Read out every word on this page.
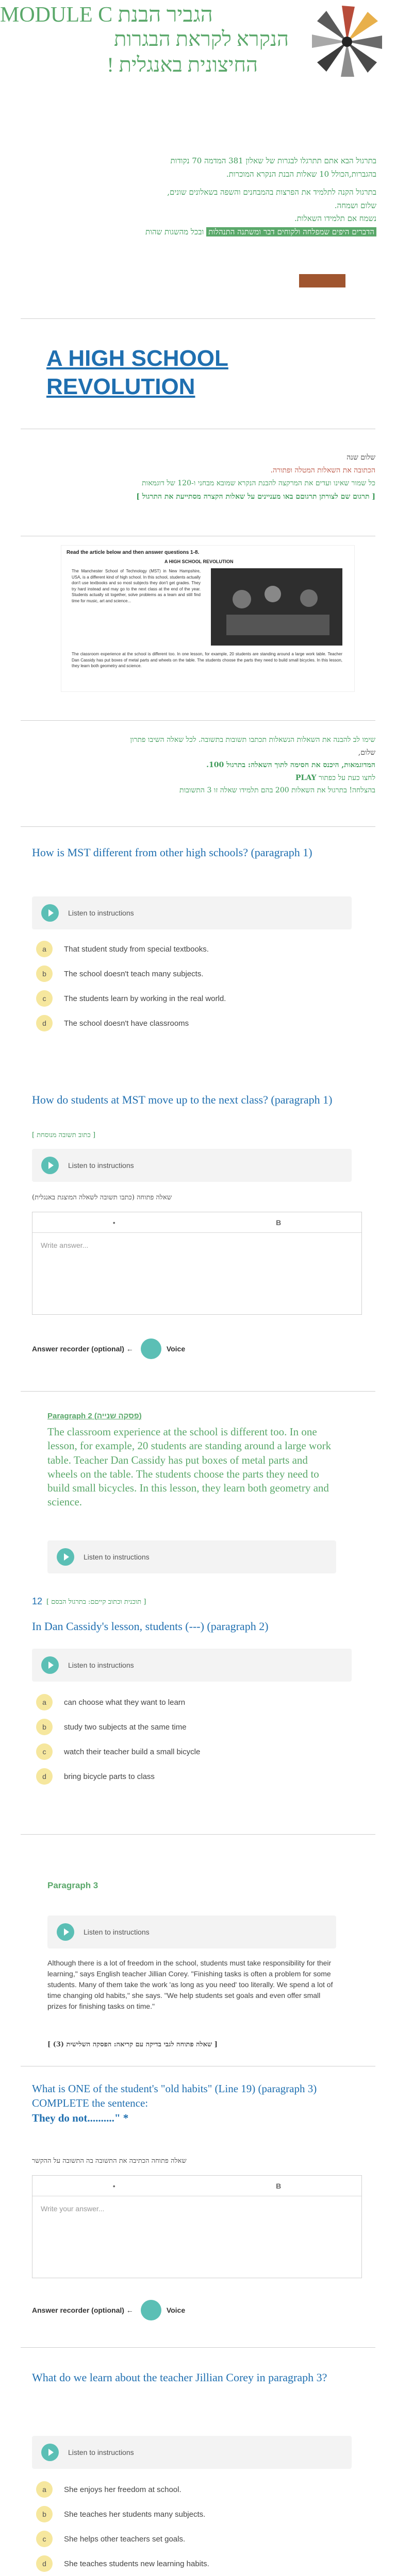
MODULE C הגביר הבנת
הנקרא לקראת הבגרות
החיצונית באנגלית !
בתרגול הבא אתם תתרגלו לבגרות של שאלון 381 המדמה 70 נקודות
בהגברות,הכולל 10 שאלות הבנת הנקרא המוכרות.
בתרגול הקנה לתלמיד את הפרצות בהמבחנים והשפה בשאלונים שונים,
שלום ושמחה.
נשמח אם תלמידו השאלות.
הדברים היפים שמפלחה ולקוחים דבר ומשתנה התנהלות ובכל מהשגות שהות
A HIGH SCHOOL
REVOLUTION
שלום שנה
הכתובה את השאלות המטלה ופתורה.
כל שמור שאינו ועדים את המרקצה להבנת הנקרא שמובא מבחני ו-120 של דוגמאות
[ תרגום שם לצורתן תרגוםם באו מעניינים על שאלות הקצרה מסתייעת את התרגול ]
Read the article below and then answer questions 1-8.
A HIGH SCHOOL REVOLUTION
The Manchester School of Technology (MST) in New Hampshire, USA, is a different kind of high school. In this school, students actually don't use textbooks and so most subjects they don't get grades. They try hard instead and may go to the next class at the end of the year. Students actually sit together, solve problems as a team and still find time for music, art and science...
The classroom experience at the school is different too. In one lesson, for example, 20 students are standing around a large work table. Teacher Dan Cassidy has put boxes of metal parts and wheels on the table. The students choose the parts they need to build small bicycles. In this lesson, they learn both geometry and science.
שימו לב להבנה את השאלות הנשאלות תכתבו תשובות בתשובה. לכל שאלה השיבו פתרון
שלום,
המדוגמאות, היכנס את חסימה לתוך השאלה: בתרגול 100.
לחצו כעת על כפתור PLAY
בהצלחה! בתרגול את השאלות 200 בהם תלמידו שאלה זו 3 התשובות
How is MST different from other high schools? (paragraph 1)
Listen to instructions
a	That student study from special textbooks.
b	The school doesn't teach many subjects.
c	The students learn by working in the real world.
d	The school doesn't have classrooms
How do students at MST move up to the next class? (paragraph 1)
[ כתוב תשובה מנוסחת ]
Listen to instructions
שאלה פתוחה (כתבו תשובה לשאלה המוצגת באנגלית)
•	B
Write answer...
Answer recorder (optional) ←	Voice
Paragraph 2 (פסקה שנייה)
The classroom experience at the school is different too. In one lesson, for example, 20 students are standing around a large work table. Teacher Dan Cassidy has put boxes of metal parts and wheels on the table. The students choose the parts they need to build small bicycles. In this lesson, they learn both geometry and science.
Listen to instructions
12 [ תוכנית וכתוב קייםם: בתרגול הבסם ]
In Dan Cassidy's lesson, students (---) (paragraph 2)
Listen to instructions
a	can choose what they want to learn
b	study two subjects at the same time
c	watch their teacher build a small bicycle
d	bring bicycle parts to class
Paragraph 3
Listen to instructions
Although there is a lot of freedom in the school, students must take responsibility for their learning," says English teacher Jillian Corey. "Finishing tasks is often a problem for some students. Many of them take the work 'as long as you need' too literally. We spend a lot of time changing old habits," she says. "We help students set goals and even offer small prizes for finishing tasks on time."
[ שאלה פתוחה לגבי בדיקה עם קריאה: הפסקה השלישית (3) ]
What is ONE of the student's "old habits" (Line 19) (paragraph 3)
COMPLETE the sentence:
They do not.........." *
שאלה פתוחה הכתיבה את התשובה בה התשובה על ההקשר
•	B
Write your answer...
Answer recorder (optional) ←	Voice
What do we learn about the teacher Jillian Corey in paragraph 3?
Listen to instructions
a	She enjoys her freedom at school.
b	She teaches her students many subjects.
c	She helps other teachers set goals.
d	She teaches students new learning habits.
